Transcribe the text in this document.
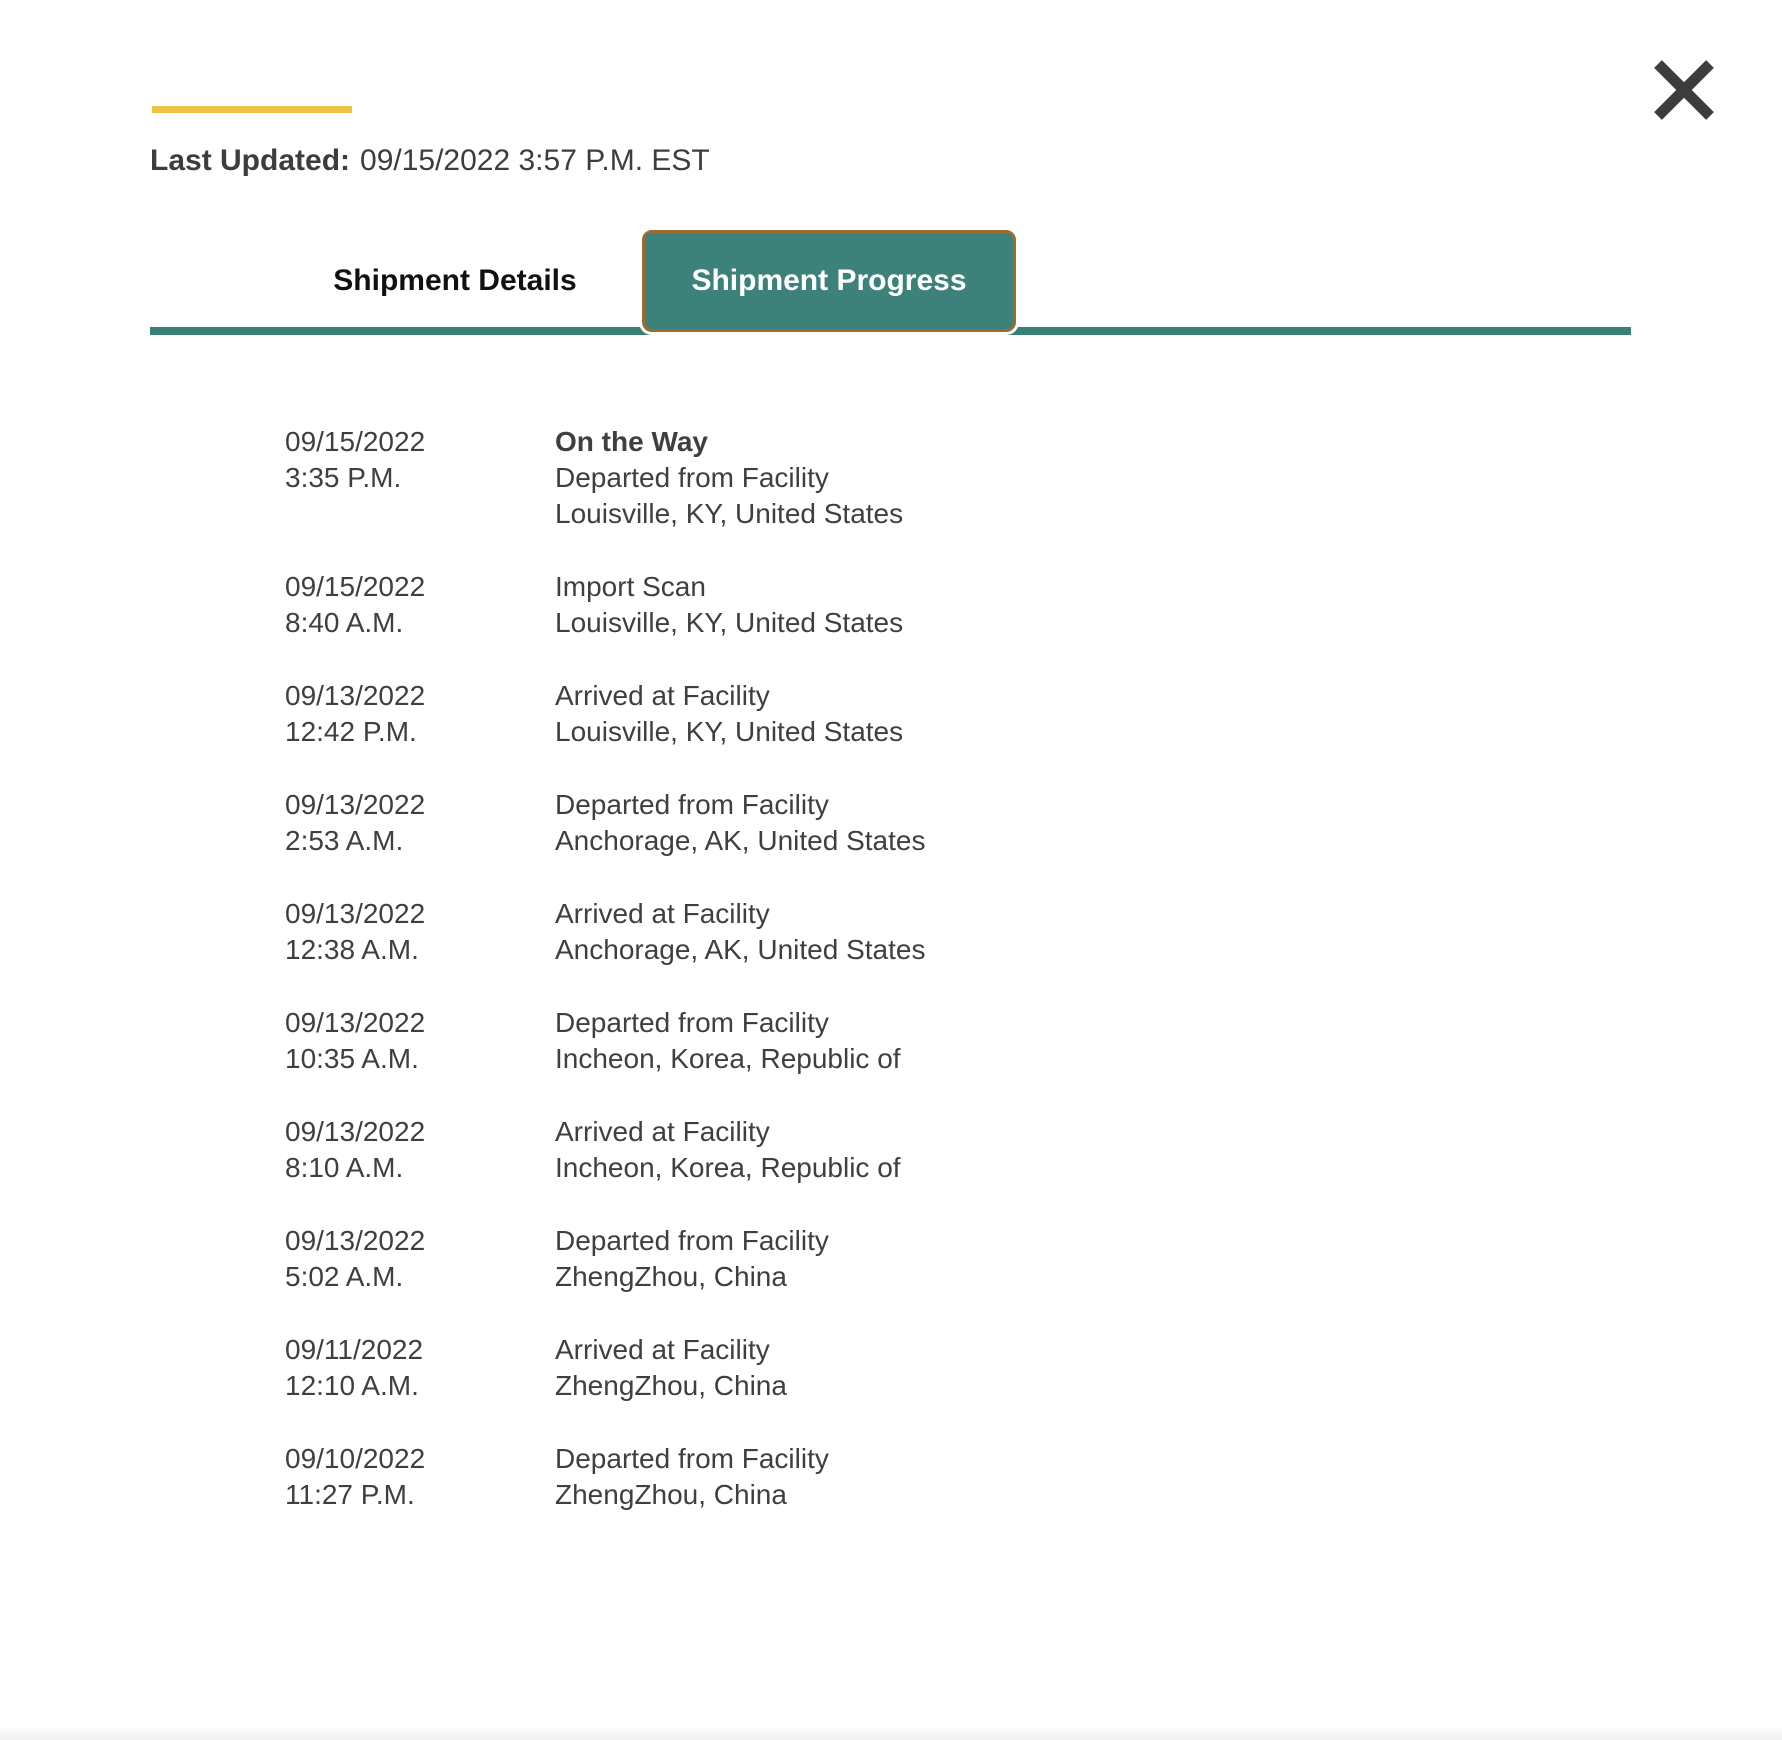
Last Updated: 09/15/2022 3:57 P.M. EST
Shipment Details	Shipment Progress
09/15/2022
3:35 P.M.
On the Way
Departed from Facility
Louisville, KY, United States
09/15/2022
8:40 A.M.
Import Scan
Louisville, KY, United States
09/13/2022
12:42 P.M.
Arrived at Facility
Louisville, KY, United States
09/13/2022
2:53 A.M.
Departed from Facility
Anchorage, AK, United States
09/13/2022
12:38 A.M.
Arrived at Facility
Anchorage, AK, United States
09/13/2022
10:35 A.M.
Departed from Facility
Incheon, Korea, Republic of
09/13/2022
8:10 A.M.
Arrived at Facility
Incheon, Korea, Republic of
09/13/2022
5:02 A.M.
Departed from Facility
ZhengZhou, China
09/11/2022
12:10 A.M.
Arrived at Facility
ZhengZhou, China
09/10/2022
11:27 P.M.
Departed from Facility
ZhengZhou, China
